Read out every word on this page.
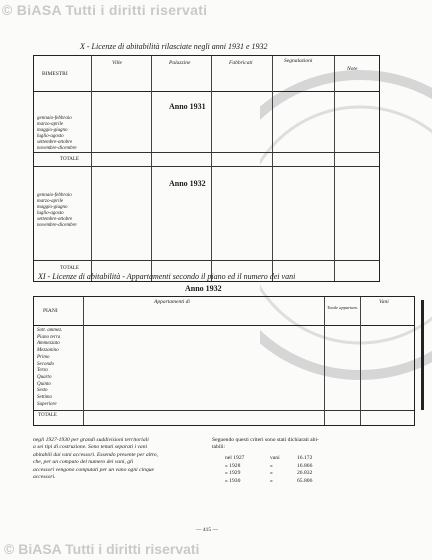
© BiASA Tutti i diritti riservati
X - Licenze di abitabilità rilasciate negli anni 1931 e 1932
BIMESTRI
Ville	Palazzine	Fabbricati	Segnalazioni
Note
Anno 1931
gennaio-febbraio
marzo-aprile
maggio-giugno
luglio-agosto
settembre-ottobre
novembre-dicembre
TOTALE
Anno 1932
gennaio-febbraio
marzo-aprile
maggio-giugno
luglio-agosto
settembre-ottobre
novembre-dicembre
TOTALE
XI - Licenze di abitabilità - Appartamenti secondo il piano ed il numero dei vani
Anno 1932
PIANI
Appartamenti di
Totale appartam.
Vani
Sott. ammez.
Piano terra
Ammezzato
Mezzanino
Primo
Secondo
Terzo
Quarto
Quinto
Sesto
Settimo
Superiore
TOTALE
negli 1927-1930 per grandi suddivisioni territoriali
a sei tipi di costruzione. Sono tenuti separati i vani
abitabili dai vani accessori. Essendo presente per altro,
che, per un computo del numero dei vani, gli
accessori vengono computati per un vano ogni cinque
accessori.
Seguendo questi criteri sono stati dichiarati abi-
tabili:
nel 1927	vani	16.172
» 1928	»	16.866
» 1929	»	26.832
» 1930	»	65.806
— 415 —
© BiASA Tutti i diritti riservati
